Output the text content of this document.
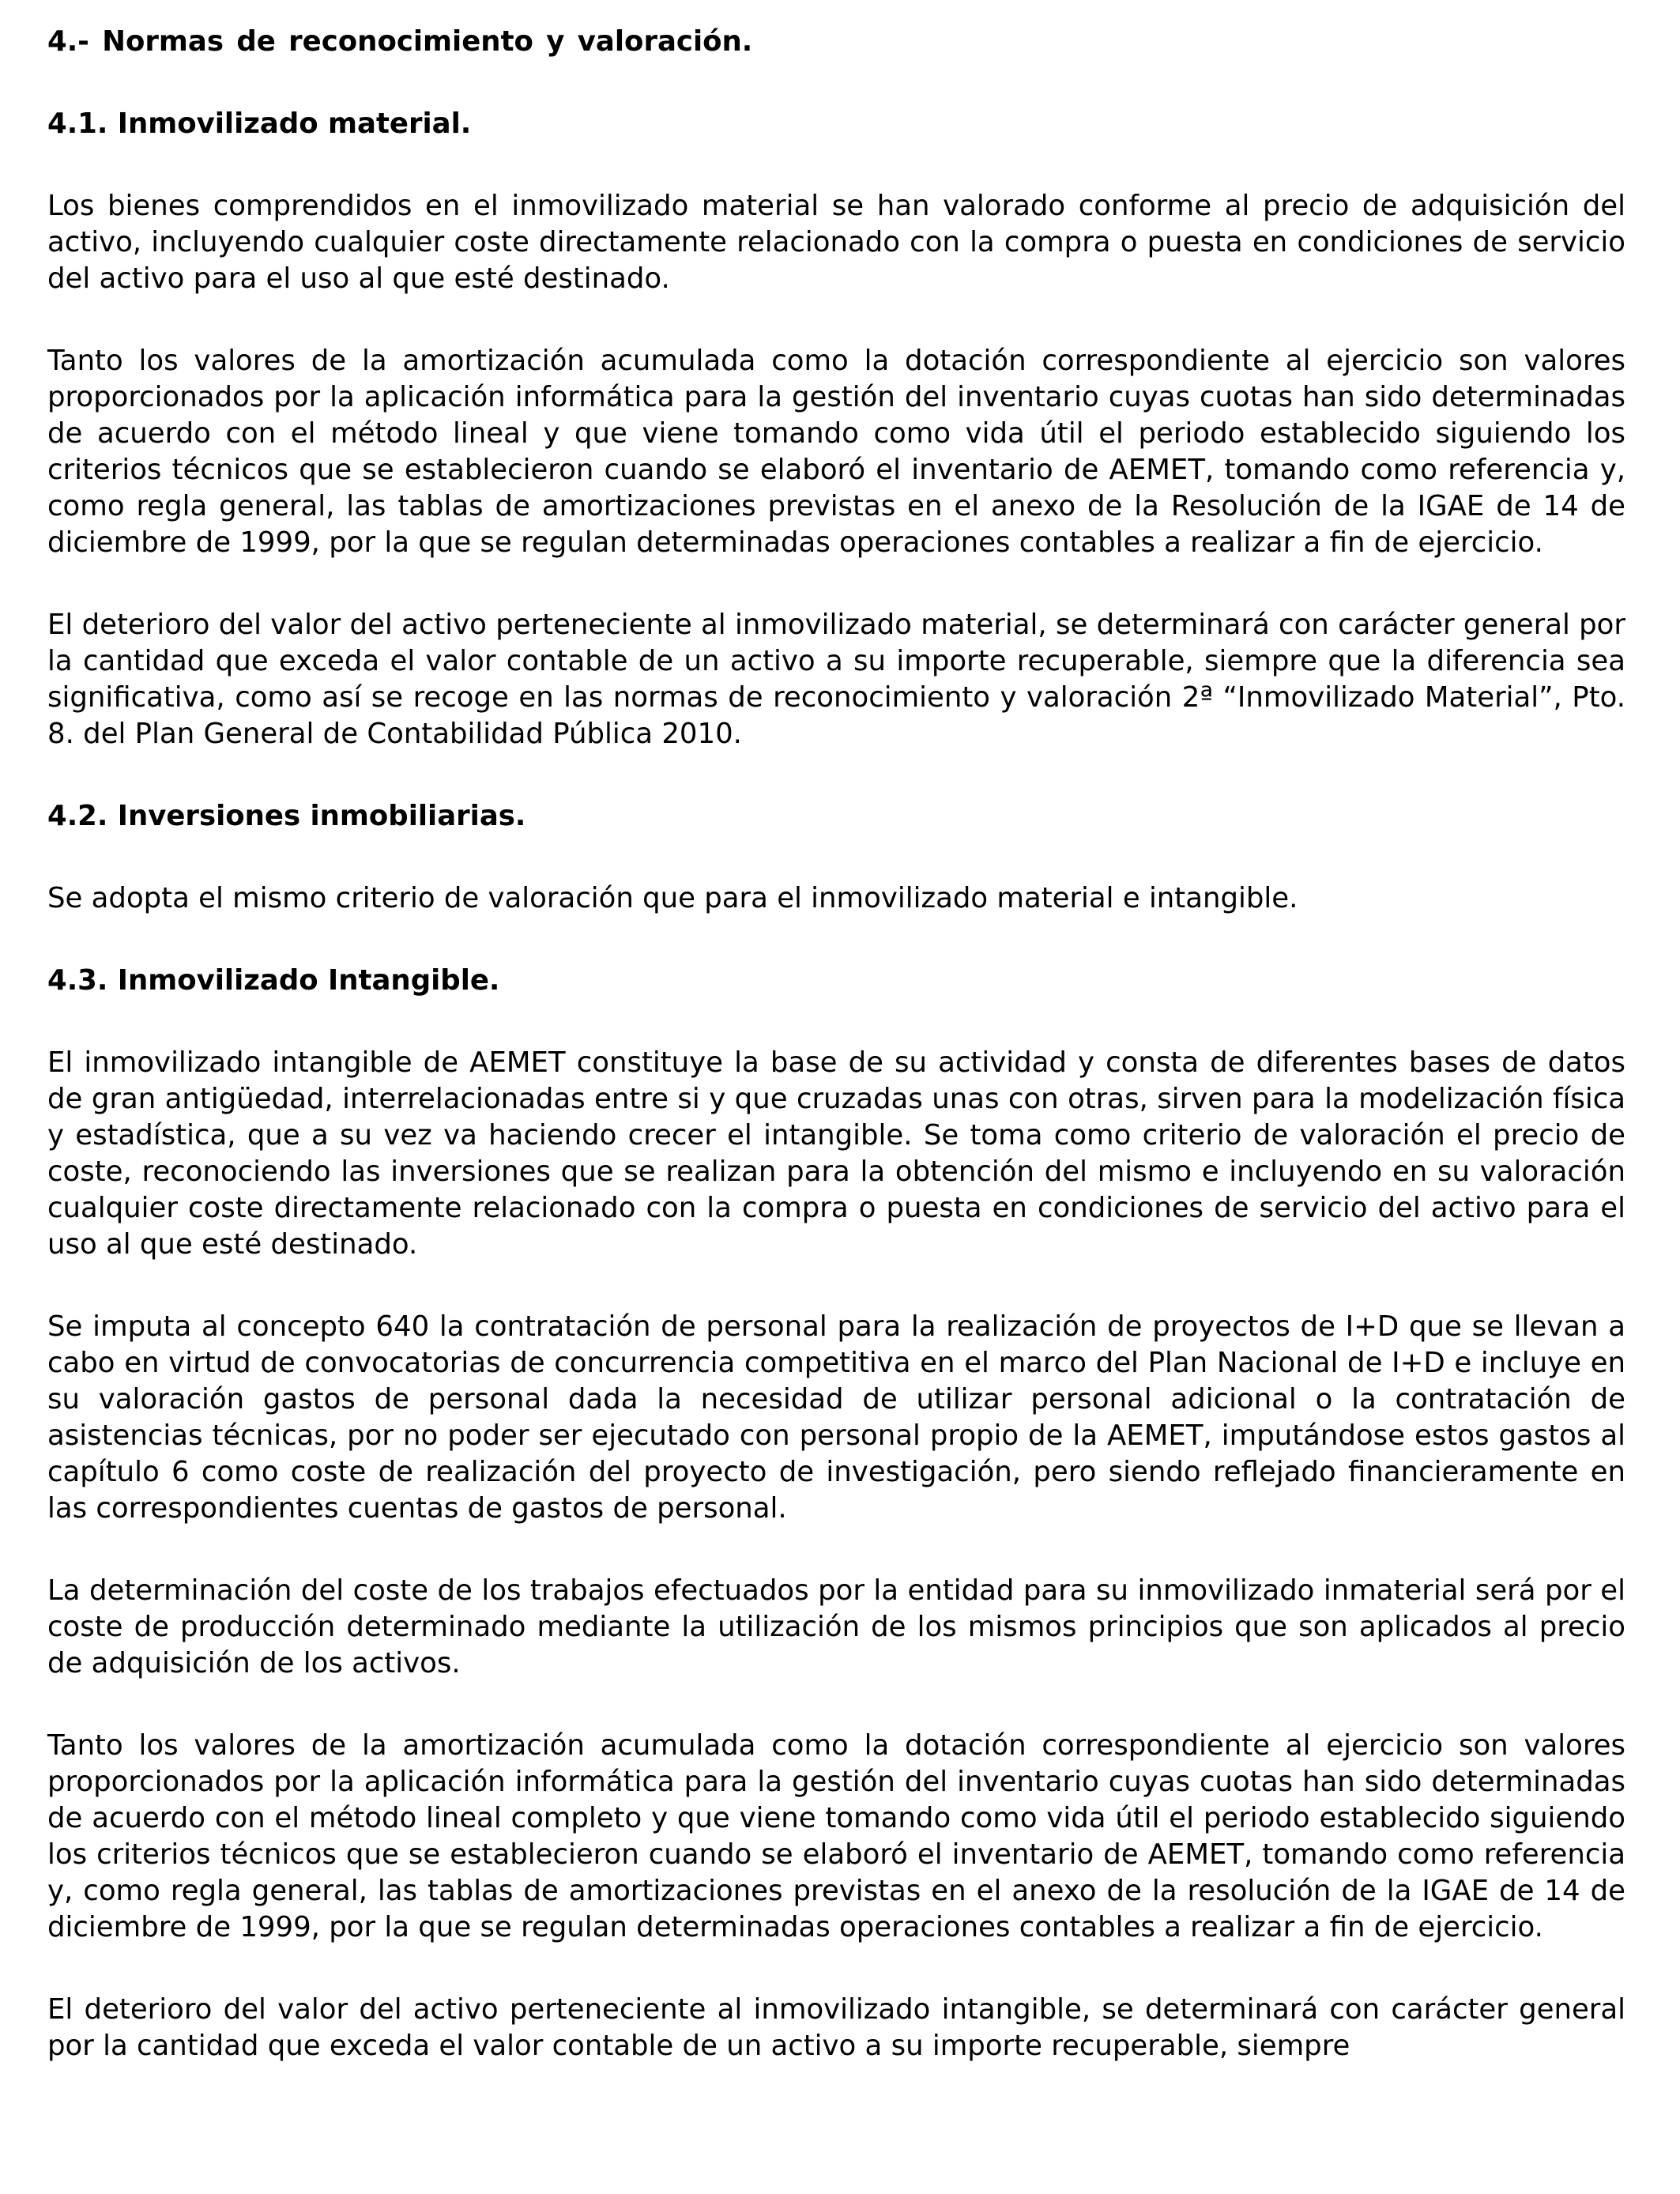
4.- Normas de reconocimiento y valoración.
4.1. Inmovilizado material.
Los bienes comprendidos en el inmovilizado material se han valorado conforme al precio de adquisición del activo, incluyendo cualquier coste directamente relacionado con la compra o puesta en condiciones de servicio del activo para el uso al que esté destinado.
Tanto los valores de la amortización acumulada como la dotación correspondiente al ejercicio son valores proporcionados por la aplicación informática para la gestión del inventario cuyas cuotas han sido determinadas de acuerdo con el método lineal y que viene tomando como vida útil el periodo establecido siguiendo los criterios técnicos que se establecieron cuando se elaboró el inventario de AEMET, tomando como referencia y, como regla general, las tablas de amortizaciones previstas en el anexo de la Resolución de la IGAE de 14 de diciembre de 1999, por la que se regulan determinadas operaciones contables a realizar a fin de ejercicio.
El deterioro del valor del activo perteneciente al inmovilizado material, se determinará con carácter general por la cantidad que exceda el valor contable de un activo a su importe recuperable, siempre que la diferencia sea significativa, como así se recoge en las normas de reconocimiento y valoración 2ª “Inmovilizado Material”, Pto. 8. del Plan General de Contabilidad Pública 2010.
4.2. Inversiones inmobiliarias.
Se adopta el mismo criterio de valoración que para el inmovilizado material e intangible.
4.3. Inmovilizado Intangible.
El inmovilizado intangible de AEMET constituye la base de su actividad y consta de diferentes bases de datos de gran antigüedad, interrelacionadas entre si y que cruzadas unas con otras, sirven para la modelización física y estadística, que a su vez va haciendo crecer el intangible. Se toma como criterio de valoración el precio de coste, reconociendo las inversiones que se realizan para la obtención del mismo e incluyendo en su valoración cualquier coste directamente relacionado con la compra o puesta en condiciones de servicio del activo para el uso al que esté destinado.
Se imputa al concepto 640 la contratación de personal para la realización de proyectos de I+D que se llevan a cabo en virtud de convocatorias de concurrencia competitiva en el marco del Plan Nacional de I+D e incluye en su valoración gastos de personal dada la necesidad de utilizar personal adicional o la contratación de asistencias técnicas, por no poder ser ejecutado con personal propio de la AEMET, imputándose estos gastos al capítulo 6 como coste de realización del proyecto de investigación, pero siendo reflejado financieramente en las correspondientes cuentas de gastos de personal.
La determinación del coste de los trabajos efectuados por la entidad para su inmovilizado inmaterial será por el coste de producción determinado mediante la utilización de los mismos principios que son aplicados al precio de adquisición de los activos.
Tanto los valores de la amortización acumulada como la dotación correspondiente al ejercicio son valores proporcionados por la aplicación informática para la gestión del inventario cuyas cuotas han sido determinadas de acuerdo con el método lineal completo y que viene tomando como vida útil el periodo establecido siguiendo los criterios técnicos que se establecieron cuando se elaboró el inventario de AEMET, tomando como referencia y, como regla general, las tablas de amortizaciones previstas en el anexo de la resolución de la IGAE de 14 de diciembre de 1999, por la que se regulan determinadas operaciones contables a realizar a fin de ejercicio.
El deterioro del valor del activo perteneciente al inmovilizado intangible, se determinará con carácter general por la cantidad que exceda el valor contable de un activo a su importe recuperable, siempre
